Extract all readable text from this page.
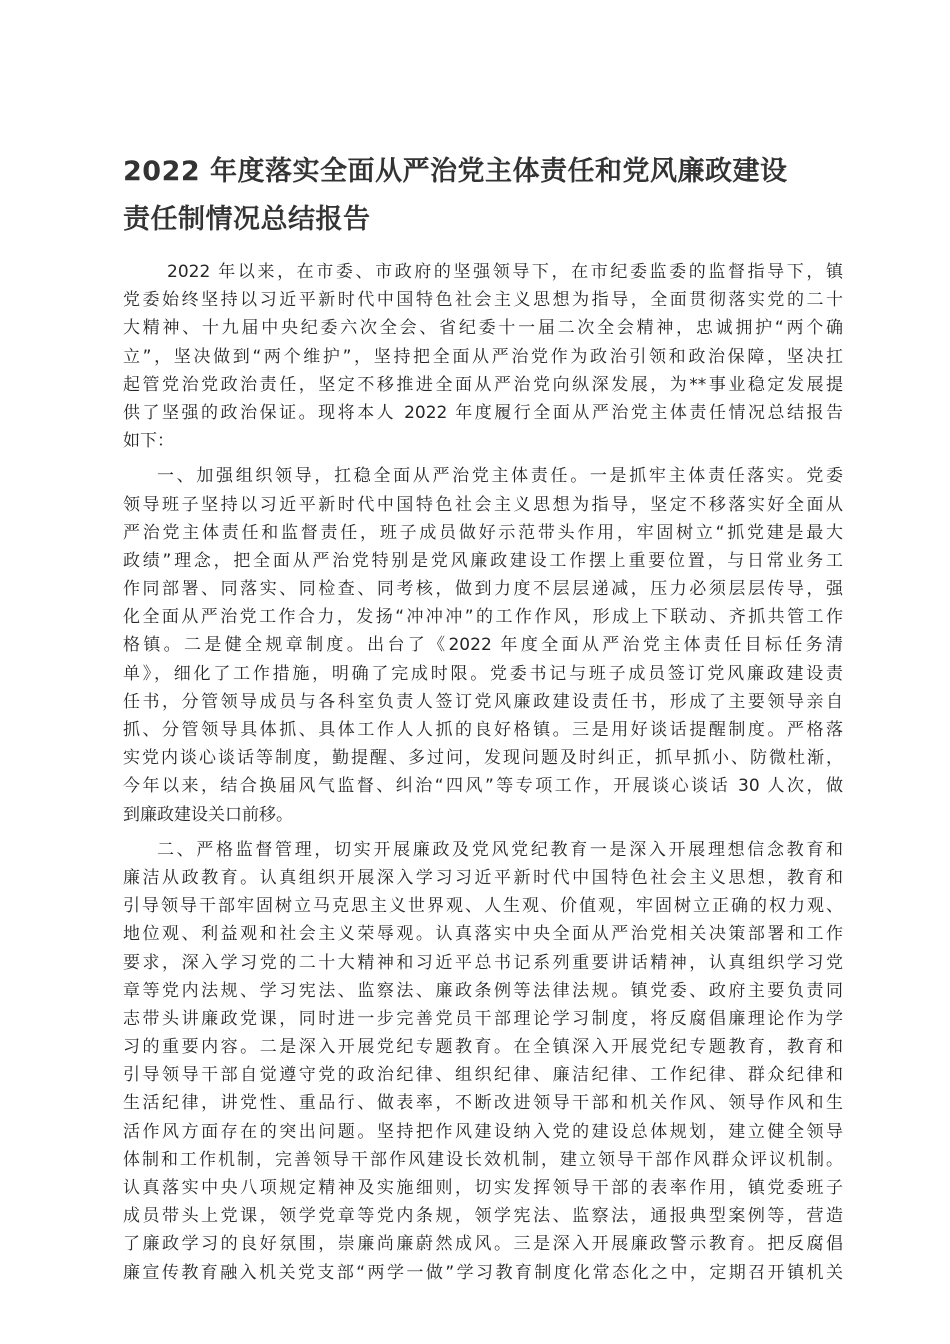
2022 年度落实全面从严治党主体责任和党风廉政建设
责任制情况总结报告
2022 年以来，在市委、市政府的坚强领导下，在市纪委监委的监督指导下，镇
党委始终坚持以习近平新时代中国特色社会主义思想为指导，全面贯彻落实党的二十
大精神、十九届中央纪委六次全会、省纪委十一届二次全会精神，忠诚拥护“两个确
立”，坚决做到“两个维护”，坚持把全面从严治党作为政治引领和政治保障，坚决扛
起管党治党政治责任，坚定不移推进全面从严治党向纵深发展，为**事业稳定发展提
供了坚强的政治保证。现将本人 2022 年度履行全面从严治党主体责任情况总结报告
如下：
一、加强组织领导，扛稳全面从严治党主体责任。一是抓牢主体责任落实。党委
领导班子坚持以习近平新时代中国特色社会主义思想为指导，坚定不移落实好全面从
严治党主体责任和监督责任，班子成员做好示范带头作用，牢固树立“抓党建是最大
政绩”理念，把全面从严治党特别是党风廉政建设工作摆上重要位置，与日常业务工
作同部署、同落实、同检查、同考核，做到力度不层层递减，压力必须层层传导，强
化全面从严治党工作合力，发扬“冲冲冲”的工作作风，形成上下联动、齐抓共管工作
格镇。二是健全规章制度。出台了《2022 年度全面从严治党主体责任目标任务清
单》，细化了工作措施，明确了完成时限。党委书记与班子成员签订党风廉政建设责
任书，分管领导成员与各科室负责人签订党风廉政建设责任书，形成了主要领导亲自
抓、分管领导具体抓、具体工作人人抓的良好格镇。三是用好谈话提醒制度。严格落
实党内谈心谈话等制度，勤提醒、多过问，发现问题及时纠正，抓早抓小、防微杜渐，
今年以来，结合换届风气监督、纠治“四风”等专项工作，开展谈心谈话 30 人次，做
到廉政建设关口前移。
二、严格监督管理，切实开展廉政及党风党纪教育一是深入开展理想信念教育和
廉洁从政教育。认真组织开展深入学习习近平新时代中国特色社会主义思想，教育和
引导领导干部牢固树立马克思主义世界观、人生观、价值观，牢固树立正确的权力观、
地位观、利益观和社会主义荣辱观。认真落实中央全面从严治党相关决策部署和工作
要求，深入学习党的二十大精神和习近平总书记系列重要讲话精神，认真组织学习党
章等党内法规、学习宪法、监察法、廉政条例等法律法规。镇党委、政府主要负责同
志带头讲廉政党课，同时进一步完善党员干部理论学习制度，将反腐倡廉理论作为学
习的重要内容。二是深入开展党纪专题教育。在全镇深入开展党纪专题教育，教育和
引导领导干部自觉遵守党的政治纪律、组织纪律、廉洁纪律、工作纪律、群众纪律和
生活纪律，讲党性、重品行、做表率，不断改进领导干部和机关作风、领导作风和生
活作风方面存在的突出问题。坚持把作风建设纳入党的建设总体规划，建立健全领导
体制和工作机制，完善领导干部作风建设长效机制，建立领导干部作风群众评议机制。
认真落实中央八项规定精神及实施细则，切实发挥领导干部的表率作用，镇党委班子
成员带头上党课，领学党章等党内条规，领学宪法、监察法，通报典型案例等，营造
了廉政学习的良好氛围，崇廉尚廉蔚然成风。三是深入开展廉政警示教育。把反腐倡
廉宣传教育融入机关党支部“两学一做”学习教育制度化常态化之中，定期召开镇机关
